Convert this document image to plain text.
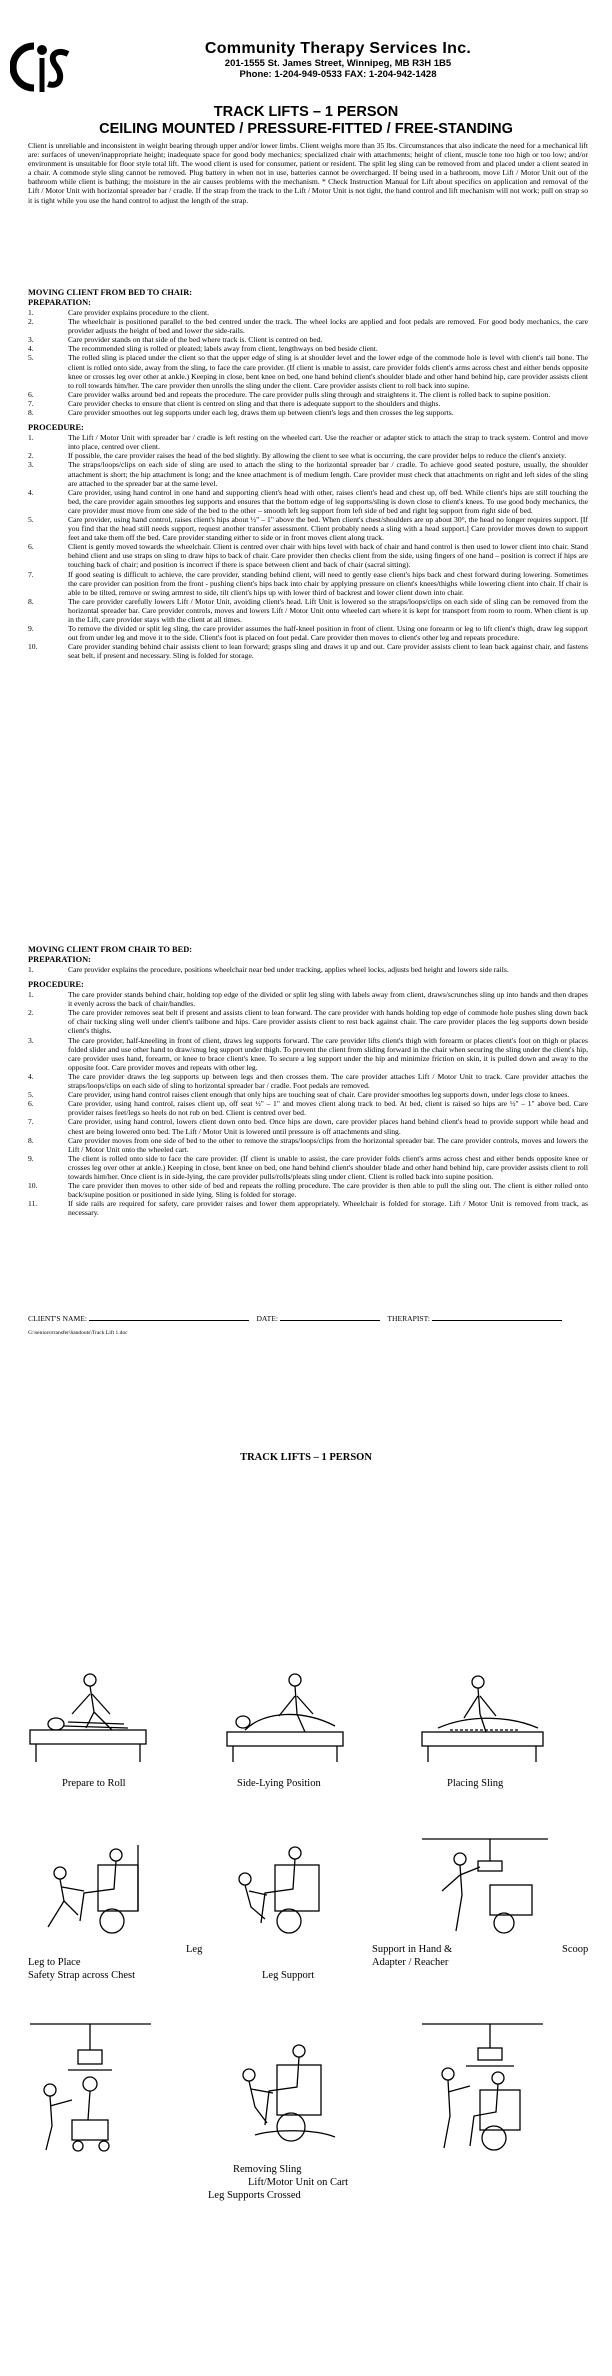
Community Therapy Services Inc.
201-1555 St. James Street, Winnipeg, MB R3H 1B5
Phone: 1-204-949-0533 FAX: 1-204-942-1428
TRACK LIFTS – 1 PERSON
CEILING MOUNTED / PRESSURE-FITTED / FREE-STANDING
Client is unreliable and inconsistent in weight bearing through upper and/or lower limbs. Client weighs more than 35 lbs. Circumstances that also indicate the need for a mechanical lift are: surfaces of uneven/inappropriate height; inadequate space for good body mechanics; specialized chair with attachments; height of client, muscle tone too high or too low; and/or environment is unsuitable for floor style total lift. The wood client is used for consumer, patient or resident. The split leg sling can be removed from and placed under a client seated in a chair. A commode style sling cannot be removed. Plug battery in when not in use, batteries cannot be overcharged. If being used in a bathroom, move Lift / Motor Unit out of the bathroom while client is bathing; the moisture in the air causes problems with the mechanism. * Check Instruction Manual for Lift about specifics on application and removal of the Lift / Motor Unit with horizontal spreader bar / cradle. If the strap from the track to the Lift / Motor Unit is not tight, the hand control and lift mechanism will not work; pull on strap so it is tight while you use the hand control to adjust the length of the strap.
MOVING CLIENT FROM BED TO CHAIR:
PREPARATION:
1.	Care provider explains procedure to the client.
2.	The wheelchair is positioned parallel to the bed centred under the track. The wheel locks are applied and foot pedals are removed. For good body mechanics, the care provider adjusts the height of bed and lower the side-rails.
3.	Care provider stands on that side of the bed where track is. Client is centred on bed.
4.	The recommended sling is rolled or pleated; labels away from client, lengthways on bed beside client.
5.	The rolled sling is placed under the client so that the upper edge of sling is at shoulder level and the lower edge of the commode hole is level with client's tail bone. The client is rolled onto side, away from the sling, to face the care provider. (If client is unable to assist, care provider folds client's arms across chest and either bends opposite knee or crosses leg over other at ankle.) Keeping in close, bent knee on bed, one hand behind client's shoulder blade and other hand behind hip, care provider assists client to roll towards him/her. The care provider then unrolls the sling under the client. Care provider assists client to roll back into supine.
6.	Care provider walks around bed and repeats the procedure. The care provider pulls sling through and straightens it. The client is rolled back to supine position.
7.	Care provider checks to ensure that client is centred on sling and that there is adequate support to the shoulders and thighs.
8.	Care provider smoothes out leg supports under each leg, draws them up between client's legs and then crosses the leg supports.
PROCEDURE:
1.	The Lift / Motor Unit with spreader bar / cradle is left resting on the wheeled cart. Use the reacher or adapter stick to attach the strap to track system. Control and move into place, centred over client.
2.	If possible, the care provider raises the head of the bed slightly. By allowing the client to see what is occurring, the care provider helps to reduce the client's anxiety.
3.	The straps/loops/clips on each side of sling are used to attach the sling to the horizontal spreader bar / cradle. To achieve good seated posture, usually, the shoulder attachment is short; the hip attachment is long; and the knee attachment is of medium length. Care provider must check that attachments on right and left sides of the sling are attached to the spreader bar at the same level.
4.	Care provider, using hand control in one hand and supporting client's head with other, raises client's head and chest up, off bed. While client's hips are still touching the bed, the care provider again smoothes leg supports and ensures that the bottom edge of leg supports/sling is down close to client's knees. To use good body mechanics, the care provider must move from one side of the bed to the other – smooth left leg support from left side of bed and right leg support from right side of bed.
5.	Care provider, using hand control, raises client's hips about ½" – 1" above the bed. When client's chest/shoulders are up about 30°, the head no longer requires support. [If you find that the head still needs support, request another transfer assessment. Client probably needs a sling with a head support.] Care provider moves down to support feet and take them off the bed. Care provider standing either to side or in front moves client along track.
6.	Client is gently moved towards the wheelchair. Client is centred over chair with hips level with back of chair and hand control is then used to lower client into chair. Stand behind client and use straps on sling to draw hips to back of chair. Care provider then checks client from the side, using fingers of one hand – position is correct if hips are touching back of chair; and position is incorrect if there is space between client and back of chair (sacral sitting).
7.	If good seating is difficult to achieve, the care provider, standing behind client, will need to gently ease client's hips back and chest forward during lowering. Sometimes the care provider can position from the front - pushing client's hips back into chair by applying pressure on client's knees/thighs while lowering client into chair. If chair is able to be tilted, remove or swing armrest to side, tilt client's hips up with lower third of backrest and lower client down into chair.
8.	The care provider carefully lowers Lift / Motor Unit, avoiding client's head. Lift Unit is lowered so the straps/loops/clips on each side of sling can be removed from the horizontal spreader bar. Care provider controls, moves and lowers Lift / Motor Unit onto wheeled cart where it is kept for transport from room to room. When client is up in the Lift, care provider stays with the client at all times.
9.	To remove the divided or split leg sling, the care provider assumes the half-kneel position in front of client. Using one forearm or leg to lift client's thigh, draw leg support out from under leg and move it to the side. Client's foot is placed on foot pedal. Care provider then moves to client's other leg and repeats procedure.
10.	Care provider standing behind chair assists client to lean forward; grasps sling and draws it up and out. Care provider assists client to lean back against chair, and fastens seat belt, if present and necessary. Sling is folded for storage.
MOVING CLIENT FROM CHAIR TO BED:
PREPARATION:
1.	Care provider explains the procedure, positions wheelchair near bed under tracking, applies wheel locks, adjusts bed height and lowers side rails.
PROCEDURE:
1.	The care provider stands behind chair, holding top edge of the divided or split leg sling with labels away from client, draws/scrunches sling up into hands and then drapes it evenly across the back of chair/handles.
2.	The care provider removes seat belt if present and assists client to lean forward. The care provider with hands holding top edge of commode hole pushes sling down back of chair tucking sling well under client's tailbone and hips. Care provider assists client to rest back against chair. The care provider places the leg supports down beside client's thighs.
3.	The care provider, half-kneeling in front of client, draws leg supports forward. The care provider lifts client's thigh with forearm or places client's foot on thigh or places folded slider and use other hand to draw/snug leg support under thigh. To prevent the client from sliding forward in the chair when securing the sling under the client's hip, care provider uses hand, forearm, or knee to brace client's knee. To secure a leg support under the hip and minimize friction on skin, it is pulled down and away to the opposite foot. Care provider moves and repeats with other leg.
4.	The care provider draws the leg supports up between legs and then crosses them. The care provider attaches Lift / Motor Unit to track. Care provider attaches the straps/loops/clips on each side of sling to horizontal spreader bar / cradle. Foot pedals are removed.
5.	Care provider, using hand control raises client enough that only hips are touching seat of chair. Care provider smoothes leg supports down, under legs close to knees.
6.	Care provider, using hand control, raises client up, off seat ½" – 1" and moves client along track to bed. At bed, client is raised so hips are ½" – 1" above bed. Care provider raises feet/legs so heels do not rub on bed. Client is centred over bed.
7.	Care provider, using hand control, lowers client down onto bed. Once hips are down, care provider places hand behind client's head to provide support while head and chest are being lowered onto bed. The Lift / Motor Unit is lowered until pressure is off attachments and sling.
8.	Care provider moves from one side of bed to the other to remove the straps/loops/clips from the horizontal spreader bar. The care provider controls, moves and lowers the Lift / Motor Unit onto the wheeled cart.
9.	The client is rolled onto side to face the care provider. (If client is unable to assist, the care provider folds client's arms across chest and either bends opposite knee or crosses leg over other at ankle.) Keeping in close, bent knee on bed, one hand behind client's shoulder blade and other hand behind hip, care provider assists client to roll towards him/her. Once client is in side-lying, the care provider pulls/rolls/pleats sling under client. Client is rolled back into supine position.
10.	The care provider then moves to other side of bed and repeats the rolling procedure. The care provider is then able to pull the sling out. The client is either rolled onto back/supine position or positioned in side lying. Sling is folded for storage.
11.	If side rails are required for safety, care provider raises and lower them appropriately. Wheelchair is folded for storage. Lift / Motor Unit is removed from track, as necessary.
CLIENT'S NAME:	DATE:	THERAPIST:
G:\seniors\transfer\handouts\Track Lift 1.doc
TRACK LIFTS – 1 PERSON
Prepare to Roll	Side-Lying Position	Placing Sling
Leg
Leg to Place
Safety Strap across Chest	Leg Support
Support in Hand &
Adapter / Reacher
Scoop
Removing Sling
Lift/Motor Unit on Cart
Leg Supports Crossed
